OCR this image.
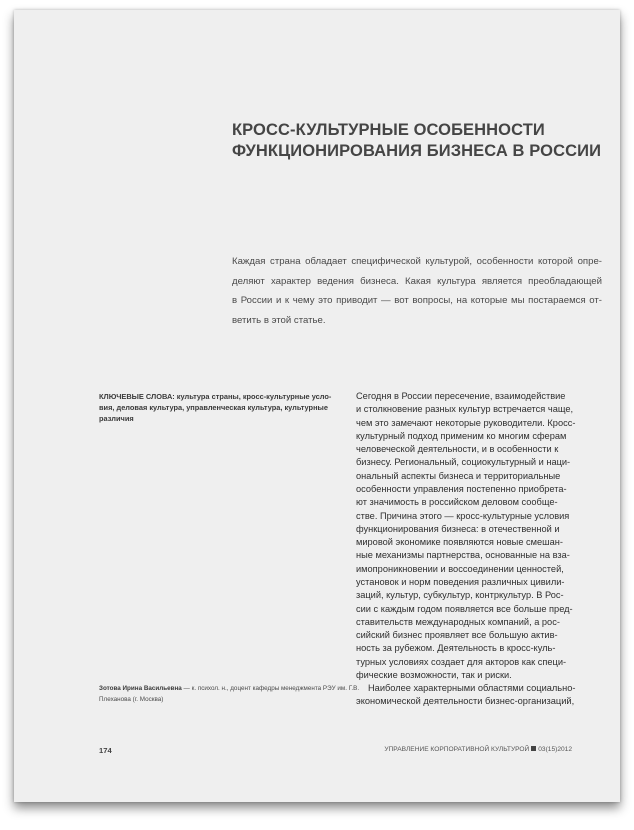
КРОСС-КУЛЬТУРНЫЕ ОСОБЕННОСТИ
ФУНКЦИОНИРОВАНИЯ БИЗНЕСА В РОССИИ
Каждая страна обладает специфической культурой, особенности которой опре-
деляют характер ведения бизнеса. Какая культура является преобладающей
в России и к чему это приводит — вот вопросы, на которые мы постараемся от-
ветить в этой статье.
КЛЮЧЕВЫЕ СЛОВА: культура страны, кросс-культурные усло-
вия, деловая культура, управленческая культура, культурные
различия
Сегодня в России пересечение, взаимодействие
и столкновение разных культур встречается чаще,
чем это замечают некоторые руководители. Кросс-
культурный подход применим ко многим сферам
человеческой деятельности, и в особенности к
бизнесу. Региональный, социокультурный и наци-
ональный аспекты бизнеса и территориальные
особенности управления постепенно приобрета-
ют значимость в российском деловом сообще-
стве. Причина этого — кросс-культурные условия
функционирования бизнеса: в отечественной и
мировой экономике появляются новые смешан-
ные механизмы партнерства, основанные на вза-
имопроникновении и воссоединении ценностей,
установок и норм поведения различных цивили-
заций, культур, субкультур, контркультур. В Рос-
сии с каждым годом появляется все больше пред-
ставительств международных компаний, а рос-
сийский бизнес проявляет все большую актив-
ность за рубежом. Деятельность в кросс-куль-
турных условиях создает для акторов как специ-
фические возможности, так и риски.
Наиболее характерными областями социально-
экономической деятельности бизнес-организаций,
Зотова Ирина Васильевна — к. психол. н., доцент кафедры менеджмента РЭУ им. Г.В.
Плеханова (г. Москва)
174	УПРАВЛЕНИЕ КОРПОРАТИВНОЙ КУЛЬТУРОЙ 03(15)2012
